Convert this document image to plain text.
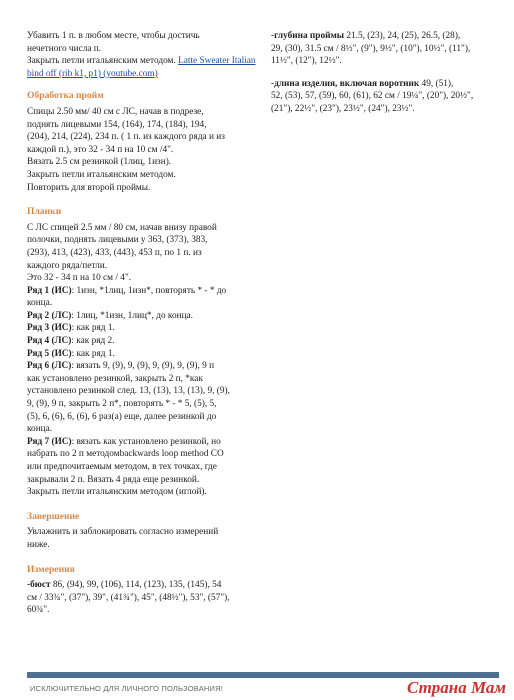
Убавить 1 п. в любом месте, чтобы достичь

нечетного числа п.

Закрыть петли итальянским методом. Latte Sweater Italian bind off (rib k1, p1) (youtube.com)

Обработка пройм

Спицы 2.50 мм/ 40 см с ЛС, начав в подрезе,

поднять лицевыми 154, (164), 174, (184), 194,

(204), 214, (224), 234 п. ( 1 п. из каждого ряда и из

каждой п.), это 32 - 34 п на 10 см /4".

Вязать 2.5 см резинкой (1лиц, 1изн).

Закрыть петли итальянским методом.

Повторить для второй проймы.

Планки

С ЛС спицей 2.5 мм / 80 см, начав внизу правой

полочки, поднять лицевыми у 363, (373), 383,

(293), 413, (423), 433, (443), 453 п, по 1 п. из

каждого ряда/петли.

Это 32 - 34 п на 10 см / 4".

Ряд 1 (ИС): 1изн, *1лиц, 1изн*, повторять * - * до

конца.

Ряд 2 (ЛС): 1лиц, *1изн, 1лиц*, до конца.

Ряд 3 (ИС): как ряд 1.

Ряд 4 (ЛС): как ряд 2.

Ряд 5 (ИС): как ряд 1.

Ряд 6 (ЛС): вязать 9, (9), 9, (9), 9, (9), 9, (9), 9 п

как установлено резинкой, закрыть 2 п, *как

установлено резинкой след. 13, (13), 13, (13), 9, (9),

9, (9), 9 п, закрыть 2 п*, повторять * - * 5, (5), 5,

(5), 6, (6), 6, (6), 6 раз(а) еще, далее резинкой до

конца.

Ряд 7 (ИС): вязать как установлено резинкой, но

набрать по 2 п методомbackwards loop method CO

или предпочитаемым методом, в тех точках, где

закрывали 2 п. Вязать 4 ряда еще резинкой.

Закрыть петли итальянским методом (иглой).

Завершение

Увлажнить и заблокировать согласно измерений

ниже.

Измерения

-бюст 86, (94), 99, (106), 114, (123), 135, (145), 54

см / 33¾", (37"), 39", (41¾"), 45", (48½"), 53", (57"),

60¾".

-глубина проймы 21.5, (23), 24, (25), 26.5, (28),

29, (30), 31.5 см / 8½", (9"), 9½", (10"), 10½", (11"),

11½", (12"), 12½".

-длина изделия, включая воротник 49, (51),

52, (53), 57, (59), 60, (61), 62 см / 19¼", (20"), 20½",

(21"), 22½", (23"), 23½", (24"), 23½".

ИСКЛЮЧИТЕЛЬНО ДЛЯ ЛИЧНОГО ПОЛЬЗОВАНИЯ!	Страна Мам
